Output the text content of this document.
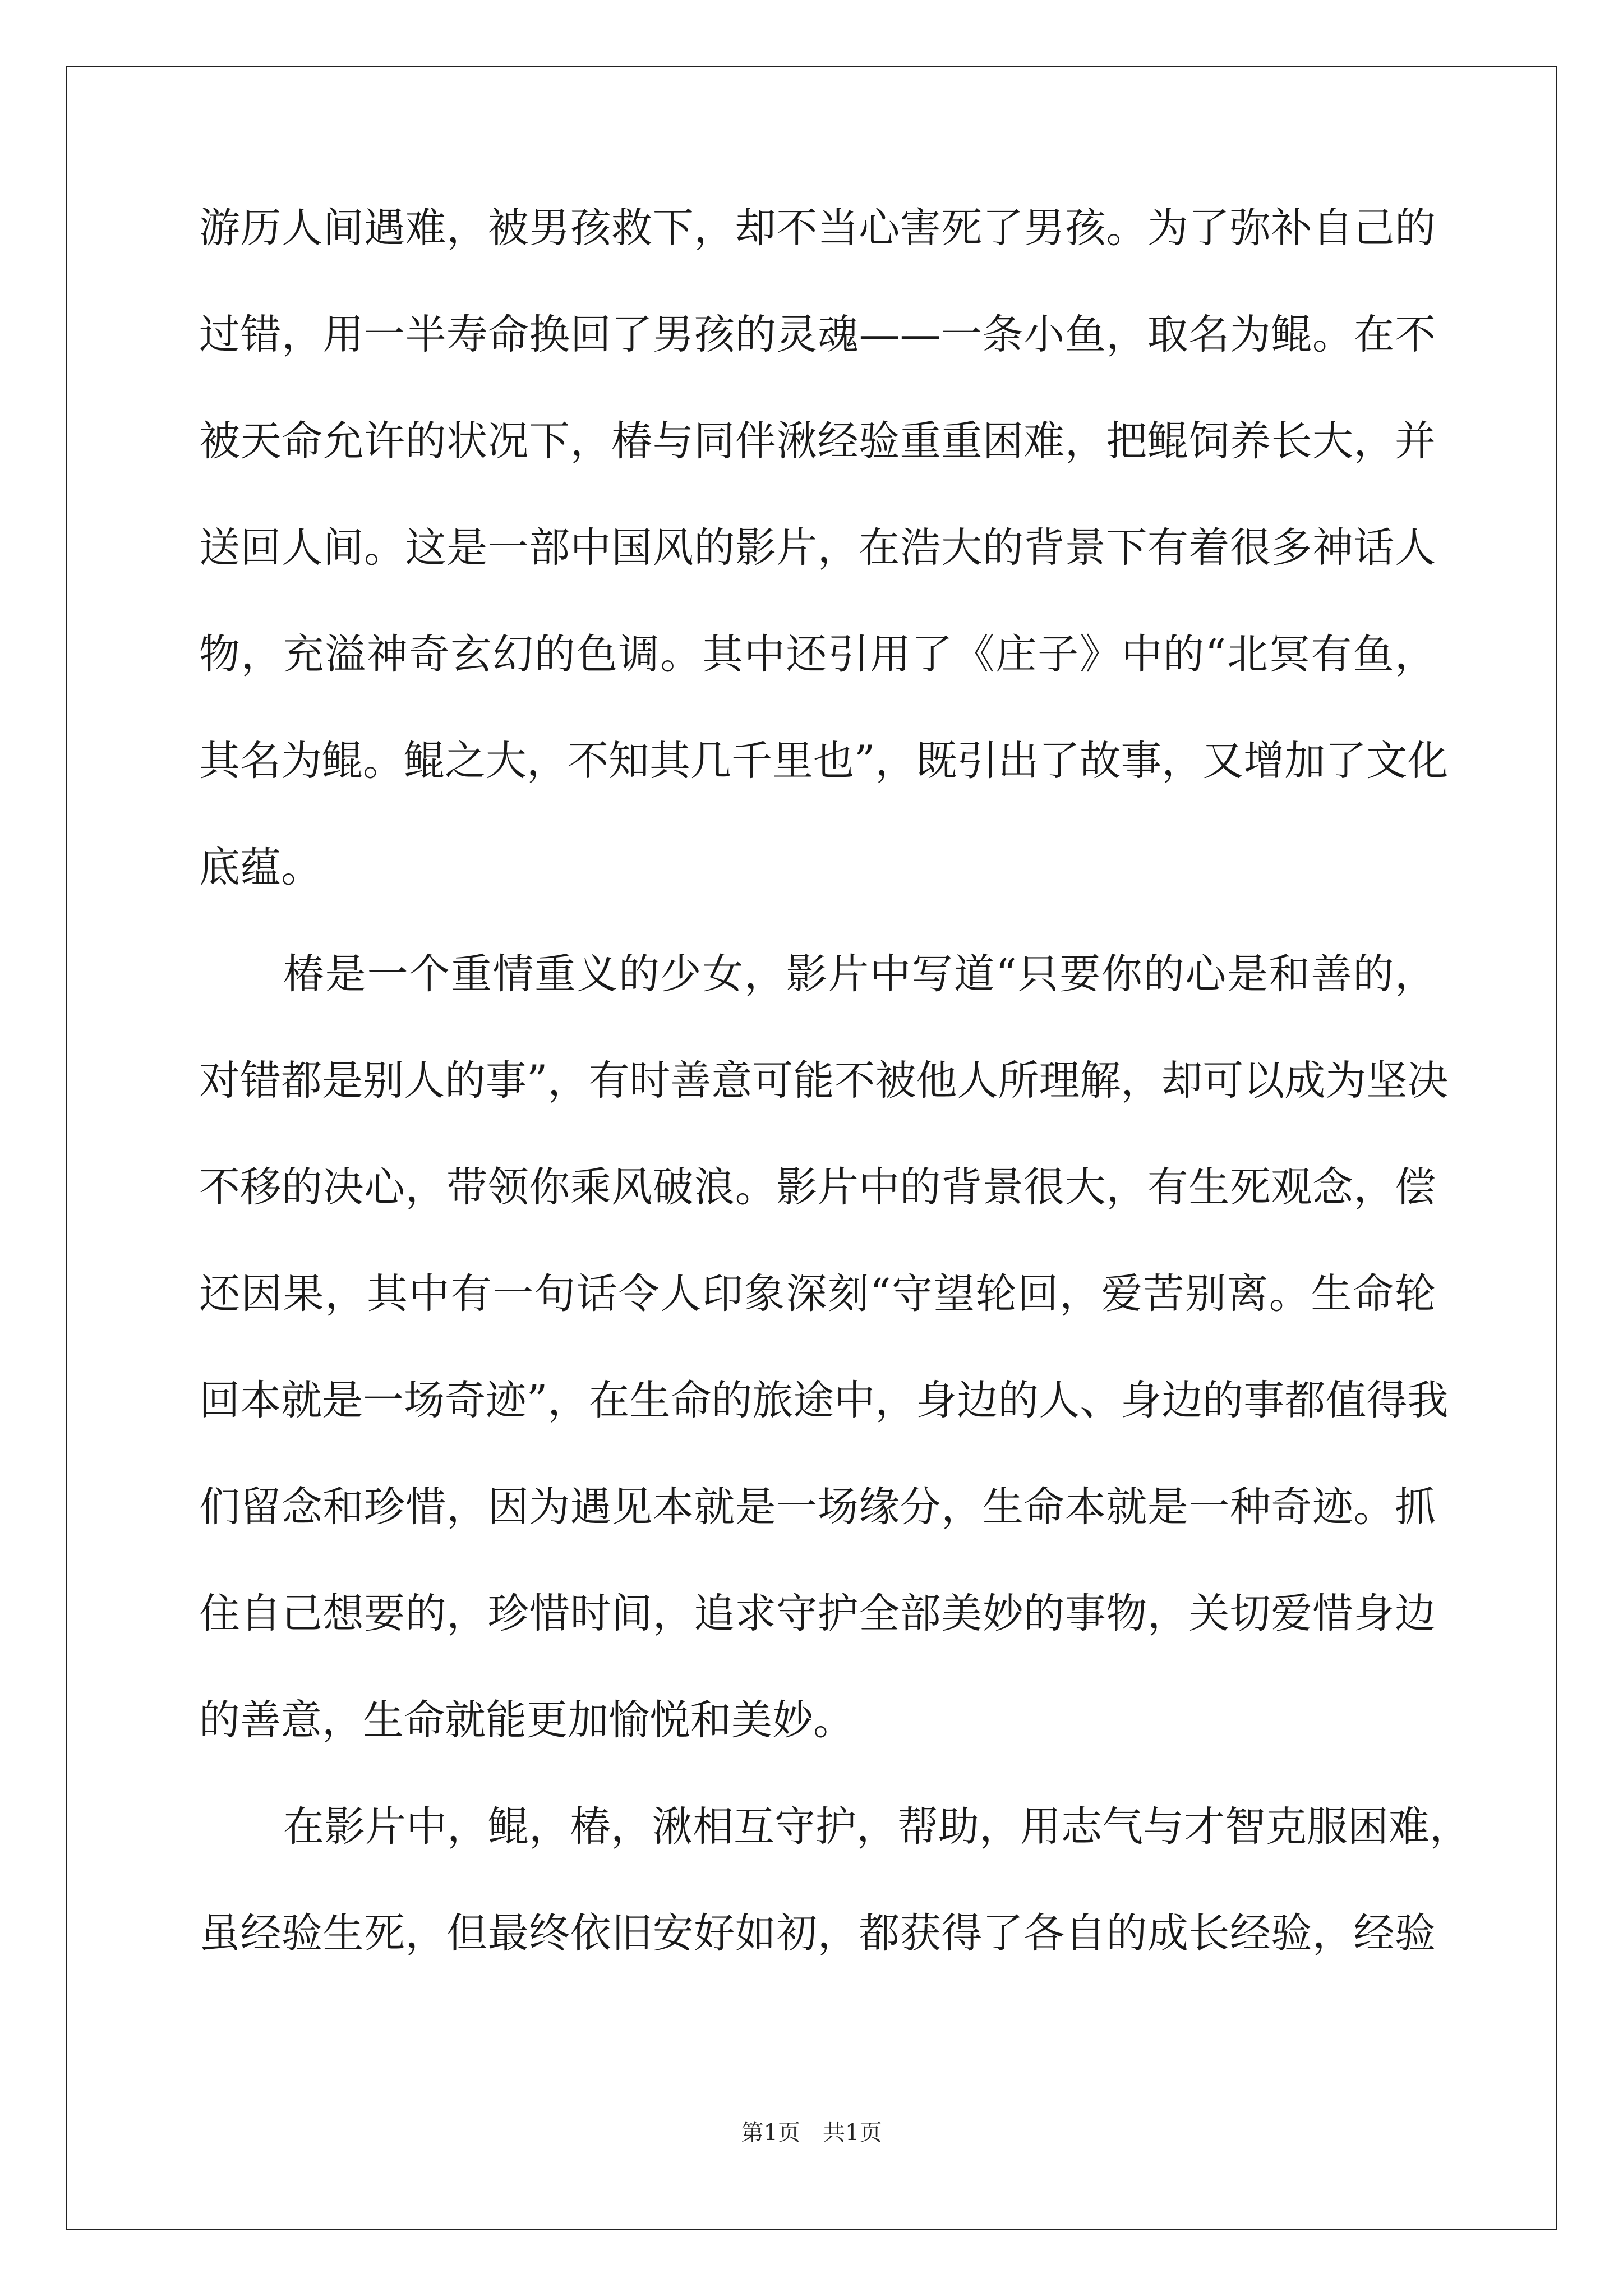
游历人间遇难，被男孩救下，却不当心害死了男孩。为了弥补自己的
过错，用一半寿命换回了男孩的灵魂——一条小鱼，取名为鲲。在不
被天命允许的状况下，椿与同伴湫经验重重困难，把鲲饲养长大，并
送回人间。这是一部中国风的影片，在浩大的背景下有着很多神话人
物，充溢神奇玄幻的色调。其中还引用了《庄子》中的“北冥有鱼，
其名为鲲。鲲之大，不知其几千里也”，既引出了故事，又增加了文化
底蕴。
椿是一个重情重义的少女，影片中写道“只要你的心是和善的，
对错都是别人的事”，有时善意可能不被他人所理解，却可以成为坚决
不移的决心，带领你乘风破浪。影片中的背景很大，有生死观念，偿
还因果，其中有一句话令人印象深刻“守望轮回，爱苦别离。生命轮
回本就是一场奇迹”，在生命的旅途中，身边的人、身边的事都值得我
们留念和珍惜，因为遇见本就是一场缘分，生命本就是一种奇迹。抓
住自己想要的，珍惜时间，追求守护全部美妙的事物，关切爱惜身边
的善意，生命就能更加愉悦和美妙。
在影片中，鲲，椿，湫相互守护，帮助，用志气与才智克服困难，
虽经验生死，但最终依旧安好如初，都获得了各自的成长经验，经验
第1页 共1页
